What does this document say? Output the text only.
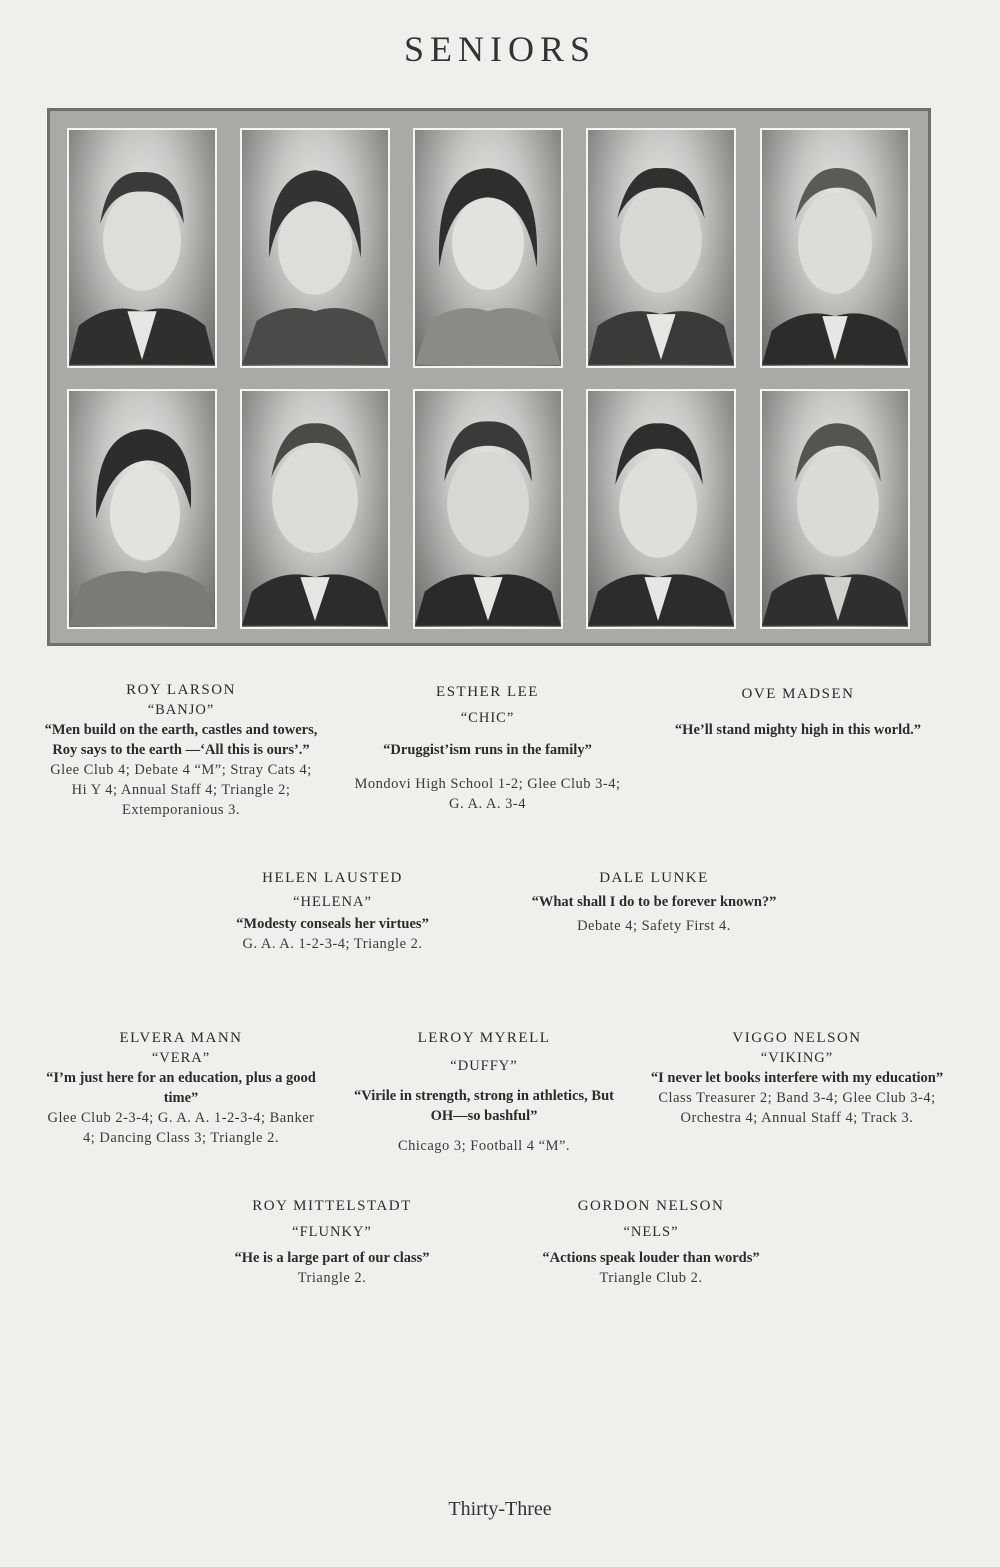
SENIORS
ROY LARSON
“BANJO”
“Men build on the earth, castles and towers, Roy says to the earth —‘All this is ours’.”
Glee Club 4; Debate 4 “M”; Stray Cats 4; Hi Y 4; Annual Staff 4; Triangle 2; Extemporanious 3.
ESTHER LEE
“CHIC”
“Druggist’ism runs in the family”
Mondovi High School 1-2; Glee Club 3-4; G. A. A. 3-4
OVE MADSEN
“He’ll stand mighty high in this world.”
HELEN LAUSTED
“HELENA”
“Modesty conseals her virtues”
G. A. A. 1-2-3-4; Triangle 2.
DALE LUNKE
“What shall I do to be forever known?”
Debate 4; Safety First 4.
ELVERA MANN
“VERA”
“I’m just here for an education, plus a good time”
Glee Club 2-3-4; G. A. A. 1-2-3-4; Banker 4; Dancing Class 3; Triangle 2.
LEROY MYRELL
“DUFFY”
“Virile in strength, strong in athletics, But OH—so bashful”
Chicago 3; Football 4 “M”.
VIGGO NELSON
“VIKING”
“I never let books interfere with my education”
Class Treasurer 2; Band 3-4; Glee Club 3-4; Orchestra 4; Annual Staff 4; Track 3.
ROY MITTELSTADT
“FLUNKY”
“He is a large part of our class”
Triangle 2.
GORDON NELSON
“NELS”
“Actions speak louder than words”
Triangle Club 2.
Thirty-Three
